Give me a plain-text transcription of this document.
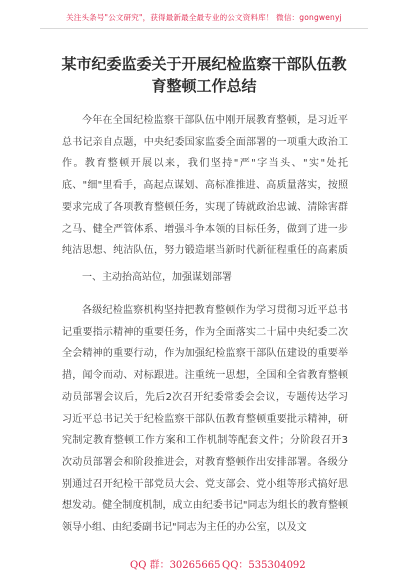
关注头条号"公文研究"，获得最新最全最专业的公文资料库！ 微信：gongwenyj
某市纪委监委关于开展纪检监察干部队伍教育整顿工作总结

今年在全国纪检监察干部队伍中刚开展教育整顿，是习近平总书记亲自点题，中央纪委国家监委全面部署的一项重大政治工作。教育整顿开展以来，我们坚持"严"字当头、"实"处托底、"细"里看手，高起点谋划、高标准推进、高质量落实，按照要求完成了各项教育整顿任务，实现了铸就政治忠诚、清除害群之马、健全严管体系、增强斗争本领的目标任务，做到了进一步纯洁思想、纯洁队伍，努力锻造堪当新时代新征程重任的高素质

一、主动抬高站位，加强谋划部署

各级纪检监察机构坚持把教育整顿作为学习贯彻习近平总书记重要指示精神的重要任务，作为全面落实二十届中央纪委二次全会精神的重要行动，作为加强纪检监察干部队伍建设的重要举措，闻令而动、对标跟进。注重统一思想，全国和全省教育整顿动员部署会议后，先后2次召开纪委常委会会议，专题传达学习习近平总书记关于纪检监察干部队伍教育整顿重要批示精神，研究制定教育整顿工作方案和工作机制等配套文件；分阶段召开3次动员部署会和阶段推进会，对教育整顿作出安排部署。各级分别通过召开纪检干部党员大会、党支部会、党小组等形式搞好思想发动。健全制度机制，成立由纪委书记"同志为组长的教育整顿领导小组、由纪委副书记"同志为主任的办公室，以及文

QQ 群：30265665 QQ：535304092
